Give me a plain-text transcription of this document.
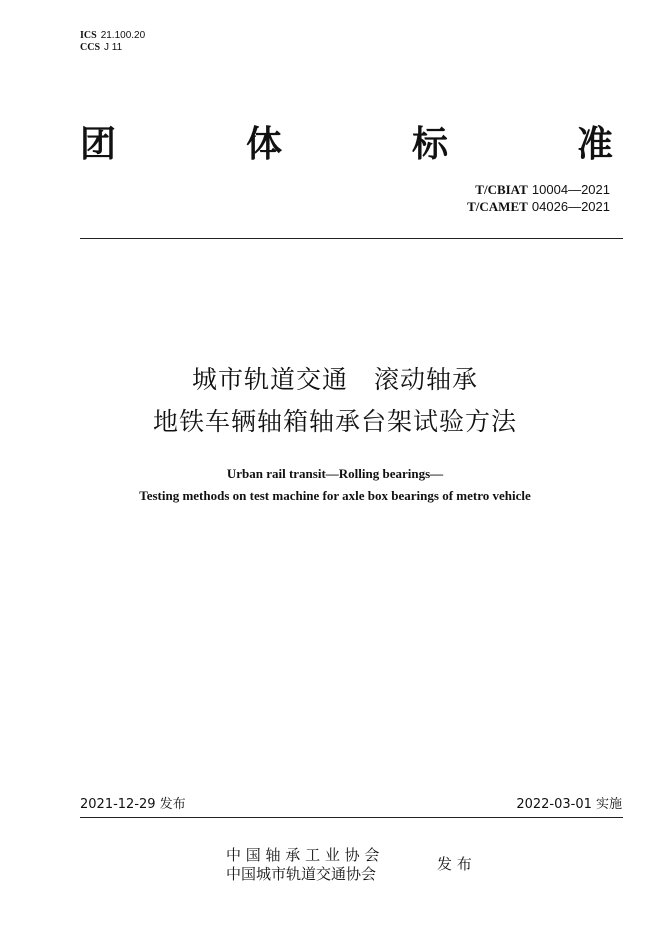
ICS 21.100.20
CCS J 11
团	体	标	准
T/CBIAT 10004—2021
T/CAMET 04026—2021
城市轨道交通　滚动轴承
地铁车辆轴箱轴承台架试验方法
Urban rail transit—Rolling bearings—
Testing methods on test machine for axle box bearings of metro vehicle
2021-12-29 发布	2022-03-01 实施
中 国 轴 承 工 业 协 会
中国城市轨道交通协会
发 布
